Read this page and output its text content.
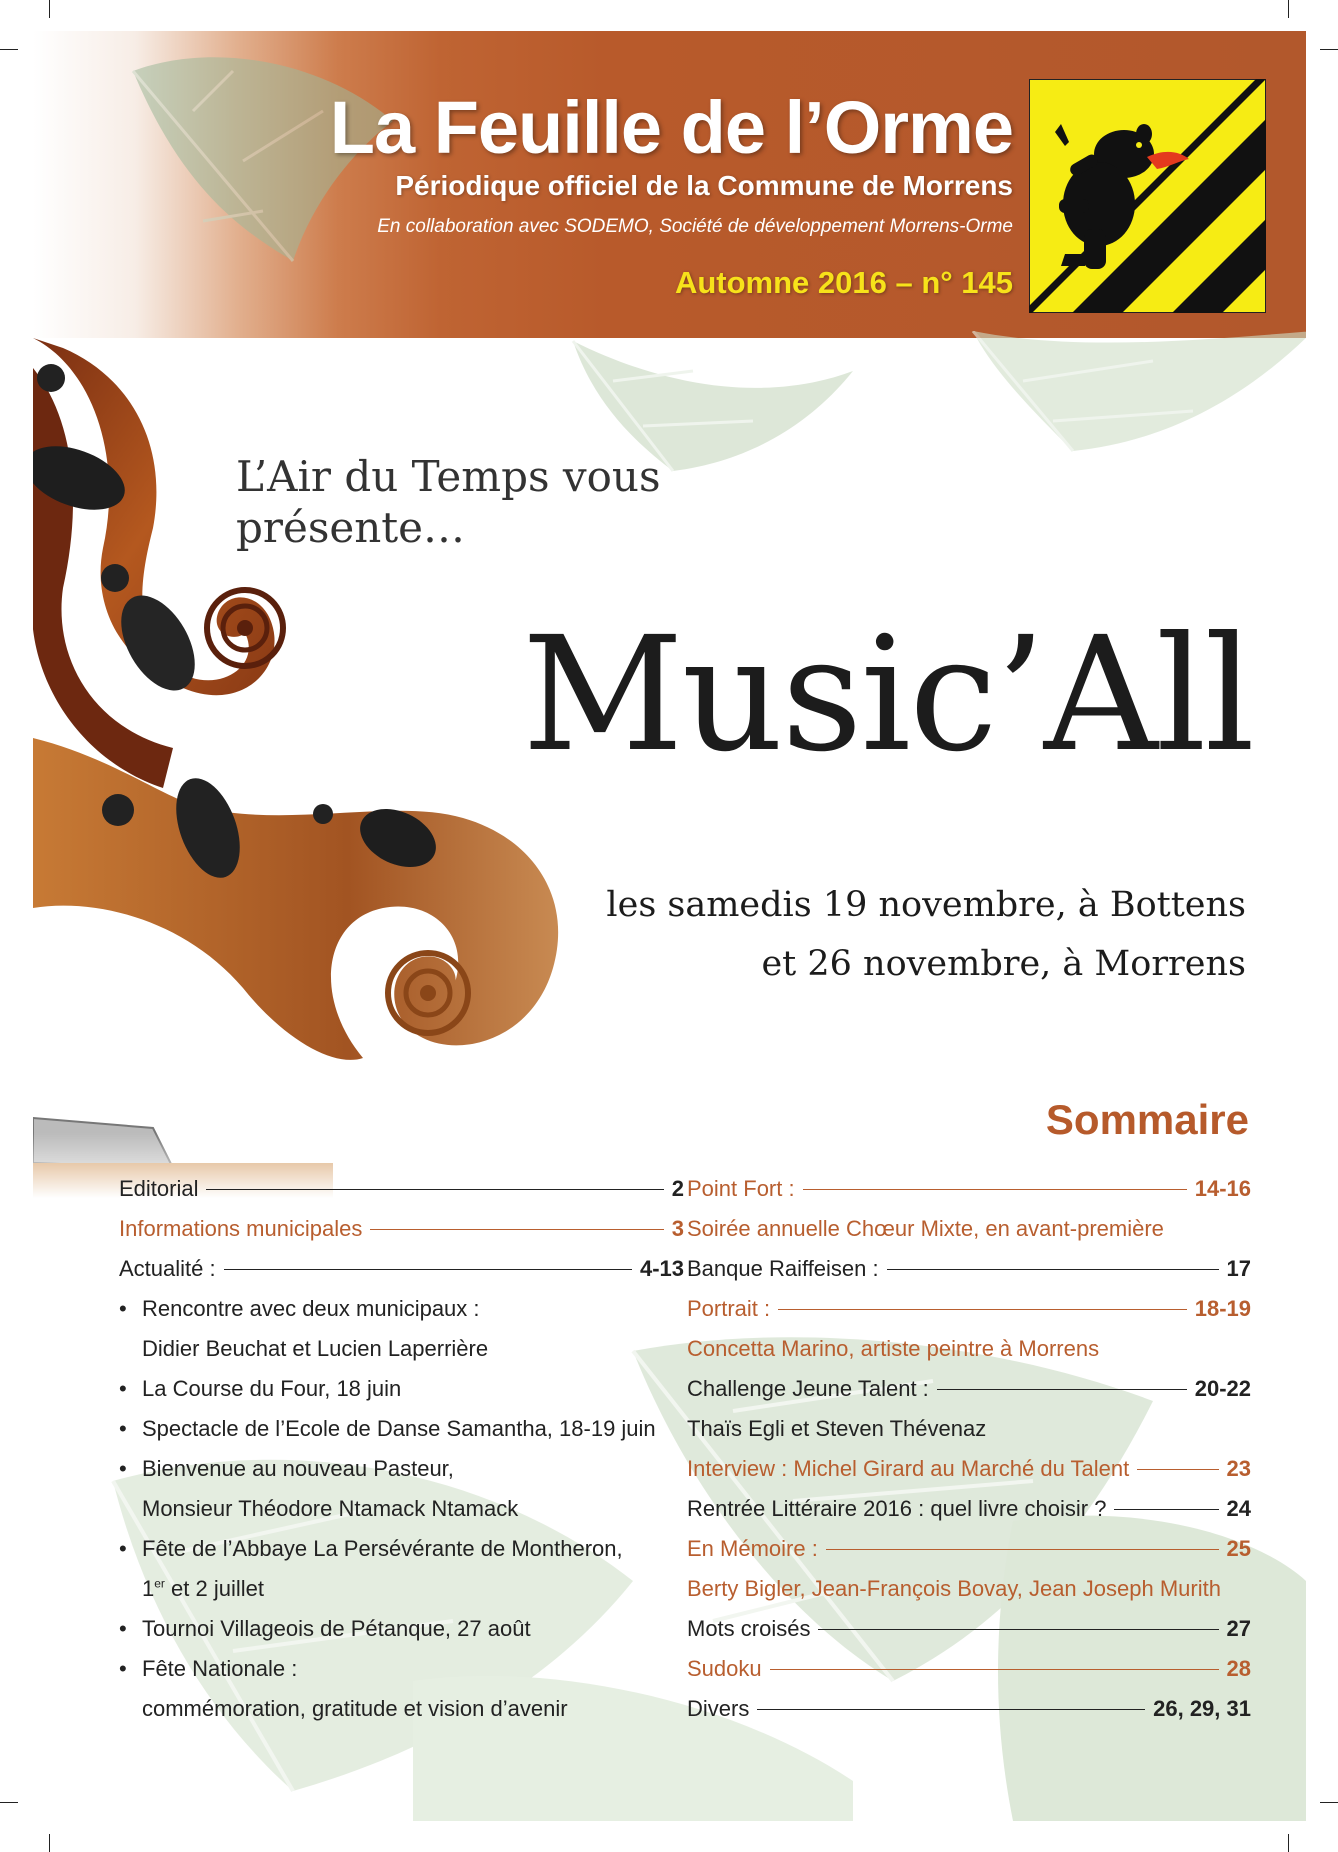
La Feuille de l’Orme
Périodique officiel de la Commune de Morrens
En collaboration avec SODEMO, Société de développement Morrens-Orme
Automne 2016 – n° 145
L’Air du Temps vous
présente…
Music’All
les samedis 19 novembre, à Bottens
et 26 novembre, à Morrens
Sommaire
Editorial	2
Informations municipales	3
Actualité :	4-13
• Rencontre avec deux municipaux :
Didier Beuchat et Lucien Laperrière
• La Course du Four, 18 juin
• Spectacle de l’Ecole de Danse Samantha, 18-19 juin
• Bienvenue au nouveau Pasteur,
Monsieur Théodore Ntamack Ntamack
• Fête de l’Abbaye La Persévérante de Montheron,
1er et 2 juillet
• Tournoi Villageois de Pétanque, 27 août
• Fête Nationale :
commémoration, gratitude et vision d’avenir
Point Fort :	14-16
Soirée annuelle Chœur Mixte, en avant-première
Banque Raiffeisen :	17
Portrait :	18-19
Concetta Marino, artiste peintre à Morrens
Challenge Jeune Talent :	20-22
Thaïs Egli et Steven Thévenaz
Interview : Michel Girard au Marché du Talent	23
Rentrée Littéraire 2016 : quel livre choisir ?	24
En Mémoire :	25
Berty Bigler, Jean-François Bovay, Jean Joseph Murith
Mots croisés	27
Sudoku	28
Divers	26, 29, 31
